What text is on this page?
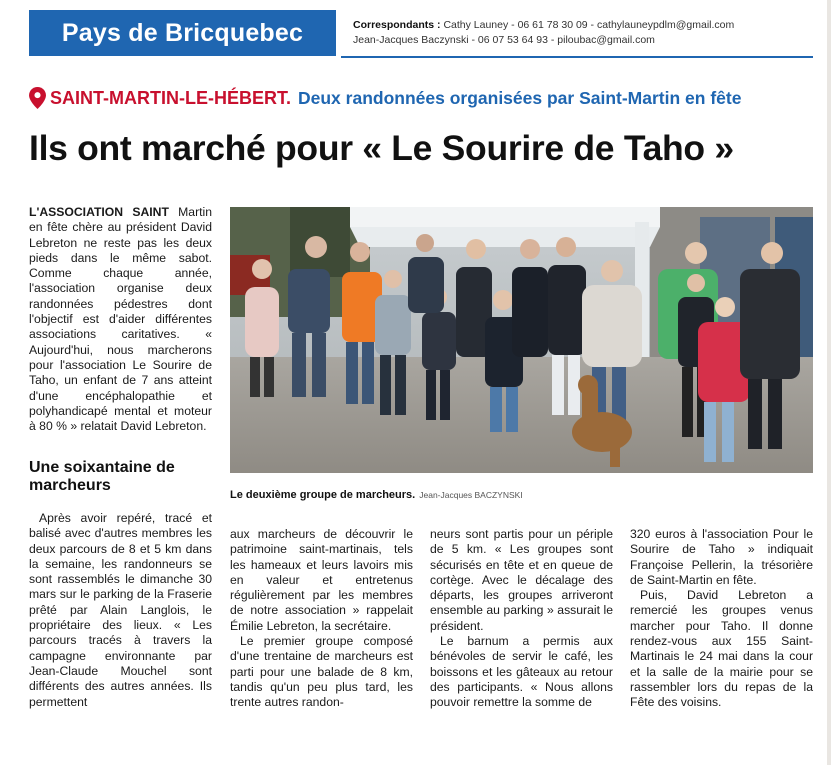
Pays de Bricquebec	Correspondants : Cathy Launey - 06 61 78 30 09 - cathylauneypdlm@gmail.com
Jean-Jacques Baczynski - 06 07 53 64 93 - piloubac@gmail.com
SAINT-MARTIN-LE-HÉBERT. Deux randonnées organisées par Saint-Martin en fête
Ils ont marché pour « Le Sourire de Taho »

L'ASSOCIATION SAINT Martin en fête chère au président David Lebreton ne reste pas les deux pieds dans le même sabot. Comme chaque année, l'association organise deux randonnées pédestres dont l'objectif est d'aider différentes associations caritatives. « Aujourd'hui, nous marcherons pour l'association Le Sourire de Taho, un enfant de 7 ans atteint d'une encéphalopathie et polyhandicapé mental et moteur à 80 % » relatait David Lebreton.

Une soixantaine de marcheurs

Après avoir repéré, tracé et balisé avec d'autres membres les deux parcours de 8 et 5 km dans la semaine, les randonneurs se sont rassemblés le dimanche 30 mars sur le parking de la Fraserie prêté par Alain Langlois, le propriétaire des lieux. « Les parcours tracés à travers la campagne environnante par Jean-Claude Mouchel sont différents des autres années. Ils permettent

aux marcheurs de découvrir le patrimoine saint-martinais, tels les hameaux et leurs lavoirs mis en valeur et entretenus régulièrement par les membres de notre association » rappelait Émilie Lebreton, la secrétaire.

Le premier groupe composé d'une trentaine de marcheurs est parti pour une balade de 8 km, tandis qu'un peu plus tard, les trente autres randon-

neurs sont partis pour un périple de 5 km. « Les groupes sont sécurisés en tête et en queue de cortège. Avec le décalage des départs, les groupes arriveront ensemble au parking » assurait le président.

Le barnum a permis aux bénévoles de servir le café, les boissons et les gâteaux au retour des participants. « Nous allons pouvoir remettre la somme de

320 euros à l'association Pour le Sourire de Taho » indiquait Françoise Pellerin, la trésorière de Saint-Martin en fête.

Puis, David Lebreton a remercié les groupes venus marcher pour Taho. Il donne rendez-vous aux 155 Saint-Martinais le 24 mai dans la cour et la salle de la mairie pour se rassembler lors du repas de la Fête des voisins.

Le deuxième groupe de marcheurs. Jean-Jacques BACZYNSKI
